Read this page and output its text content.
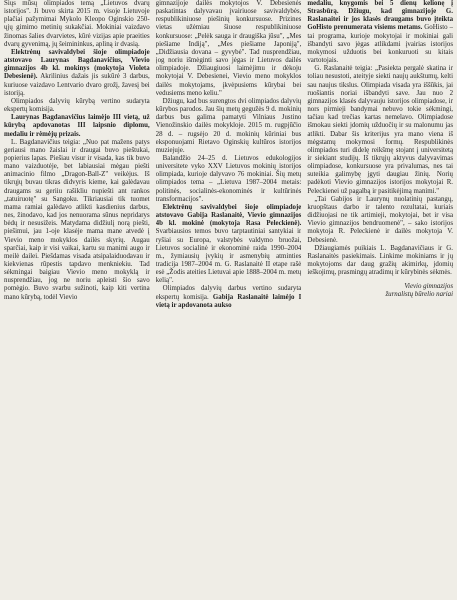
Siųs mūsų olimpiados temą „Lietuvos dvarų istorijos". Ji buvo skirta 2015 m. visoje Lietuvoje plačiai pažymimai Mykolo Kleopo Oginskio 250-ųjų gimimo metinių sukakčiai. Mokiniai vaizdavo žinomas šalies dvarvietes, kūrė vizijas apie praeities dvarų gyvenimą, jų šeimininkus, apliną ir dvasią.

Elektrėnų savivaldybei šioje olimpiadoje atstovavo Laurynas Bagdanavičius, Vievio gimnazijos 4b kl. mokinys (mokytoja Violeta Debesienė). Akrilinius dažais jis sukūrė 3 darbus, kuriuose vaizdavo Lentvario dvaro grožį, žavesį bei istoriją.

Olimpiados dalyvių kūrybą vertino sudaryta ekspertų komisija.

Laurynas Bagdanavičius laimėjo III vietą, už kūrybą apdovanotas III laipsnio diplomu, medaliu ir rėmėjų prizais.

L. Bagdanavičius teigia: „Nuo pat mažens patys geriausi mano žaislai ir draugai buvo pieštukai, popierius lapas. Piešiau visur ir visada, kas tik buvo mano vaizduotėje, bet labiausiai mėgau piešti animacinio filmo „Dragon-Ball-Z" veikėjus. Iš tikrųjų buvau tikras didvyris kieme, kai galėdavau draugams su geriiu rašikliu nupiešti ant rankos „tatuiruotę" su Sangoku. Tikriausiai tik tuomet mama ramiai galėdavo atlikti kasdienius darbus, nes, žinodavo, kad jos nenuorama sūnus nepridarys bėdų ir nesusižeis. Matydama didžiulį norą piešti, piešimui, jau 1-oje klasėje mama mane atvedė į Vievio meno mokyklos dailės skyrių. Augau sparčiai, kaip ir visi vaikai, kartu su manimi augo ir meilė dailei. Piešdamas visada atsipalaiduodavau ir kiekvienas rūpestis tapdavo menkniekiu. Tad sėkmingai baigiau Vievio meno mokyklą ir nusprendžiau, jog ne noriu apleisti šio savo pomėgio. Buvo svarbu sužinoti, kaip kiti vertina mano kūrybą, todėl Vievio

gimnazijoje dailės mokytojos V. Debesienės paskatintas dalyvavau įvairiuose savivaldybės, respublikiniuose piešinių konkursuose. Prizines vietas užėmiau šiuose respublikiniuose konkursuose: „Pelėk sauga ir draugiška jūsu", „Mes piešiame Indiją", „Mes piešiame Japoniją", „Didžiausia dovana – gyvybė". Tad nusprendžiau, jog noriu išmėginti savo jėgas ir Lietuvos dailės olimpiadoje. Džiaugiuosi laimėjimu ir dėkoju mokytojai V. Debesienei, Vievio meno mokyklos dailės mokytojams, įkvėpusiems kūrybai bei vedusiems meno keliu."

Džiugu, kad bus surengtos dvi olimpiados dalyvių kūrybos parodos. Jau šių metų gegužės 9 d. mokinių darbus bus galima pamatyti Vilniaus Justino Vienožinskio dailės mokykloje. 2015 m. rugpjūčio 28 d. – rugsėjo 20 d. mokinių kūriniai bus eksponuojami Rietavo Oginskių kultūros istorijos muziejuje.

Balandžio 24–25 d. Lietuvos edukologijos universitete vyko XXV Lietuvos mokinių istorijos olimpiada, kurioje dalyvavo 76 mokiniai. Šių metų olimpiados tema – „Lietuva 1987–2004 metais: politinės, socialinės-ekonominės ir kultūrinės transformacijos".

Elektrėnų savivaldybei šioje olimpiadoje atstovavo Gabija Raslanaitė, Vievio gimnazijos 4b kl. mokinė (mokytoja Rasa Peleckienė). Svarbiausios temos buvo tarptautiniai santykiai ir ryšiai su Europa, valstybės valdymo bruožai, Lietuvos socialinė ir ekonominė raida 1990–2004 m., žymiausių įvykių ir asmenybių atminties tradicija 1987–2004 m. G. Raslanaitė II etape rašė esė „Žodis ateities Lietuvai apie 1888–2004 m. metų kelią".

Olimpiados dalyvių darbus vertino sudaryta ekspertų komisija. Gabija Raslanaitė laimėjo I vietą ir apdovanota aukso

medaliu, knygomis bei 5 dienų kelionę į Strasbūrą. Džiugu, kad gimnazijoje G. Raslanaitei ir jos klasės draugams buvo įteikta GoHisto prenumerata visiems metams. GoHisto – tai programa, kurioje mokytojai ir mokiniai gali išbandyti savo jėgas atlikdami įvairias istorijos mokymosi užduotis bei konkuruoti su kitais vartotojais.

G. Raslanaitė teigia: „Pasiekta pergalė skatina ir toliau nesustoti, ateityje siekti naujų aukštumų, kelti sau naujus tikslus. Olimpiada visada yra iššūkis, jai ruošiantis noriai išbandyti save. Jau nuo 2 gimnazijos klasės dalyvauju istorijos olimpiadose, ir nors pirmieji bandymai nebuvo tokie sėkmingi, tačiau kad trečias kartas nemelavo. Olimpiadose išmokau siekti jdomių užduočių ir su malonumu jas atlikti. Dabar šis kriterijus yra mano viena iš mėgstamų mokymosi formų. Respublikinės olimpiados turi didelę reikšmę stojant į universitetą ir siekiant studijų. Iš tikrųjų aktyvus dalyvavimas olimpiadose, konkursuose yra privalumas, nes tai suteikia galimybę jgyti daugiau žinių. Norių padėkoti Vievio gimnazijos istorijos mokytojai R. Peleckienei už pagalbą ir pasitikėjimą manimi."

„Tai Gabijos ir Laurynų nuolatinių pastangų, kruopštaus darbo ir talento rezultatai, kuriais didžiuojasi ne tik artimieji, mokytojai, bet ir visa Vievio gimnazijos bendruomenė", – sako istorijos mokytoja R. Peleckienė ir dailės mokytoja V. Debesienė.

Džiaugiamės puikiais L. Bagdanavičiaus ir G. Raslanaitės pasiekimais. Linkime mokiniams ir jų mokytojoms dar daug gražių akimirkų, jdomių ieškojimų, prasmingų atradimų ir kūrybinės sėkmės.

Vievio gimnazijos
žurnalistų būrelio nariai
